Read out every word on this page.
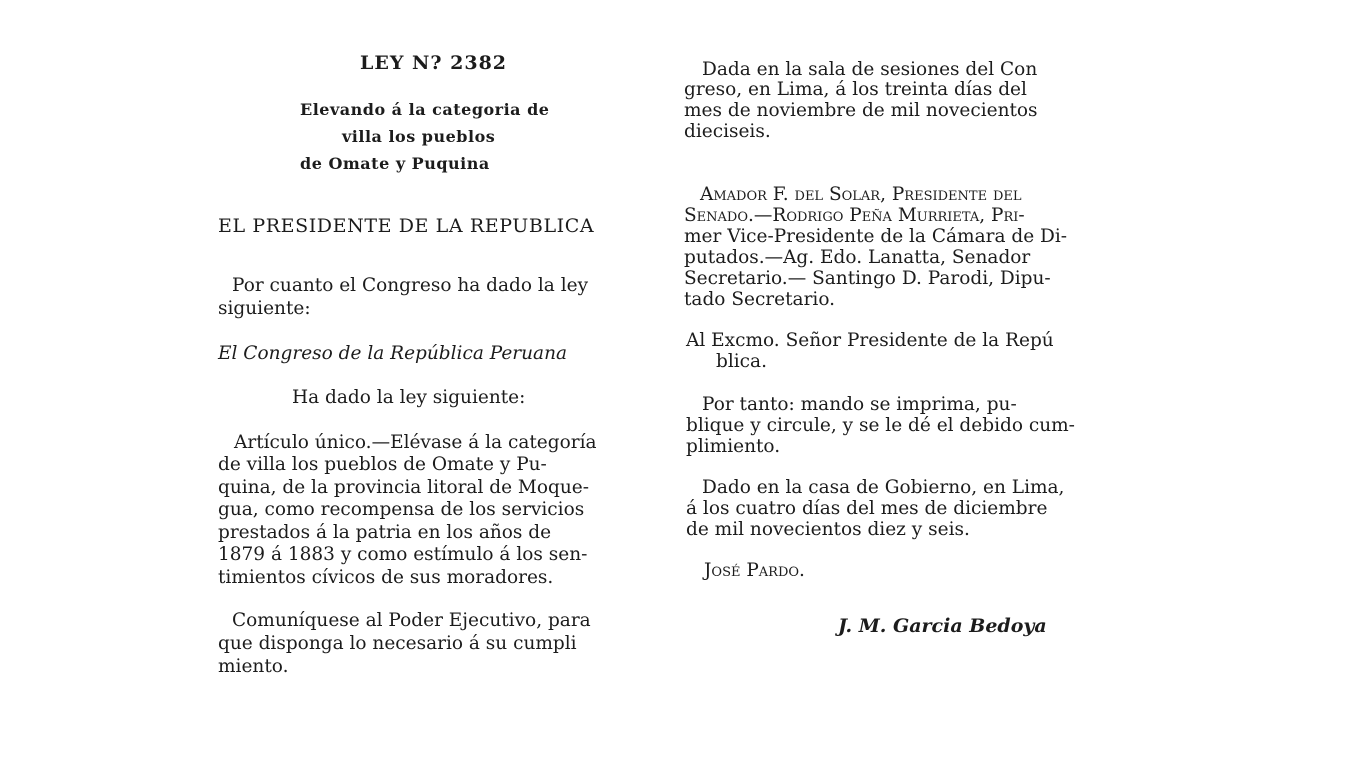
LEY N? 2382
Elevando á la categoria de
villa los pueblos
de Omate y Puquina
EL PRESIDENTE DE LA REPUBLICA
Por cuanto el Congreso ha dado la ley
siguiente:
El Congreso de la República Peruana
Ha dado la ley siguiente:
Artículo único.—Elévase á la categoría
de villa los pueblos de Omate y Pu-
quina, de la provincia litoral de Moque-
gua, como recompensa de los servicios
prestados á la patria en los años de
1879 á 1883 y como estímulo á los sen-
timientos cívicos de sus moradores.
Comuníquese al Poder Ejecutivo, para
que disponga lo necesario á su cumpli
miento.
Dada en la sala de sesiones del Con
greso, en Lima, á los treinta días del
mes de noviembre de mil novecientos
dieciseis.
Amador F. del Solar, Presidente del
Senado.—Rodrigo Peña Murrieta, Pri-
mer Vice-Presidente de la Cámara de Di-
putados.—Ag. Edo. Lanatta, Senador
Secretario.— Santingo D. Parodi, Dipu-
tado Secretario.
Al Excmo. Señor Presidente de la Repú
blica.
Por tanto: mando se imprima, pu-
blique y circule, y se le dé el debido cum-
plimiento.
Dado en la casa de Gobierno, en Lima,
á los cuatro días del mes de diciembre
de mil novecientos diez y seis.
José Pardo.
J. M. Garcia Bedoya
